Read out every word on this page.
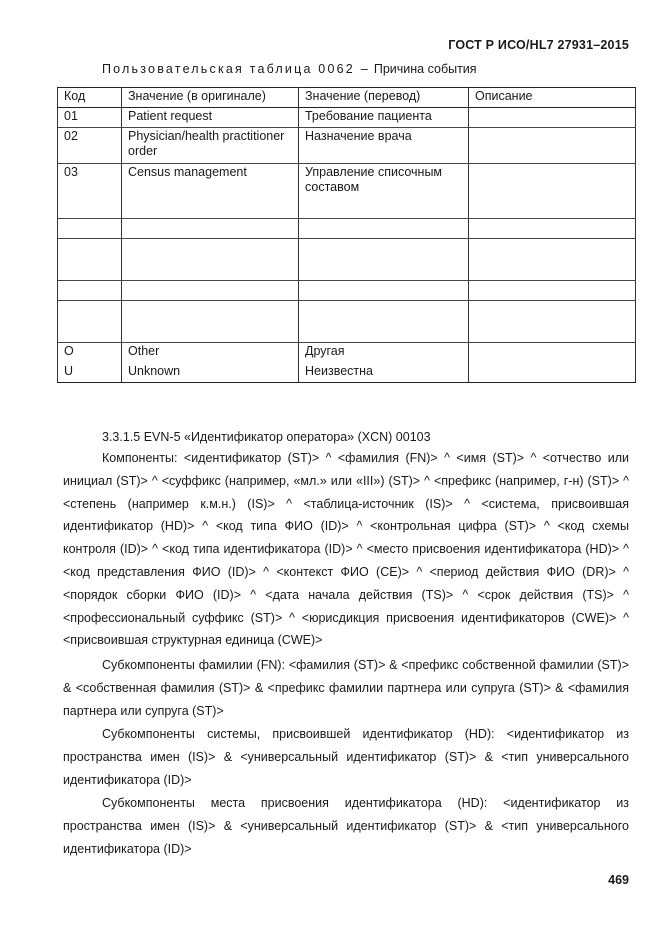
ГОСТ Р ИСО/HL7 27931–2015
Пользовательская таблица 0062 – Причина события
Код	Значение (в оригинале)	Значение (перевод)	Описание
01	Patient request	Требование пациента	
02	Physician/health practitioner order	Назначение врача	
03	Census management	Управление списочным составом	

O	Other	Другая	
U	Unknown	Неизвестна	
3.3.1.5 EVN-5 «Идентификатор оператора» (XCN) 00103

Компоненты: <идентификатор (ST)> ^ <фамилия (FN)> ^ <имя (ST)> ^ <отчество или инициал (ST)> ^ <суффикс (например, «мл.» или «III») (ST)> ^ <префикс (например, г-н) (ST)> ^ <степень (например к.м.н.) (IS)> ^ <таблица-источник (IS)> ^ <система, присвоившая идентификатор (HD)> ^ <код типа ФИО (ID)> ^ <контрольная цифра (ST)> ^ <код схемы контроля (ID)> ^ <код типа идентификатора (ID)> ^ <место присвоения идентификатора (HD)> ^ <код представления ФИО (ID)> ^ <контекст ФИО (CE)> ^ <период действия ФИО (DR)> ^ <порядок сборки ФИО (ID)> ^ <дата начала действия (TS)> ^ <срок действия (TS)> ^ <профессиональный суффикс (ST)> ^ <юрисдикция присвоения идентификаторов (CWE)> ^ <присвоившая структурная единица (CWE)>

Субкомпоненты фамилии (FN): <фамилия (ST)> & <префикс собственной фамилии (ST)> & <собственная фамилия (ST)> & <префикс фамилии партнера или супруга (ST)> & <фамилия партнера или супруга (ST)>

Субкомпоненты системы, присвоившей идентификатор (HD): <идентификатор из пространства имен (IS)> & <универсальный идентификатор (ST)> & <тип универсального идентификатора (ID)>

Субкомпоненты места присвоения идентификатора (HD): <идентификатор из пространства имен (IS)> & <универсальный идентификатор (ST)> & <тип универсального идентификатора (ID)>

469
